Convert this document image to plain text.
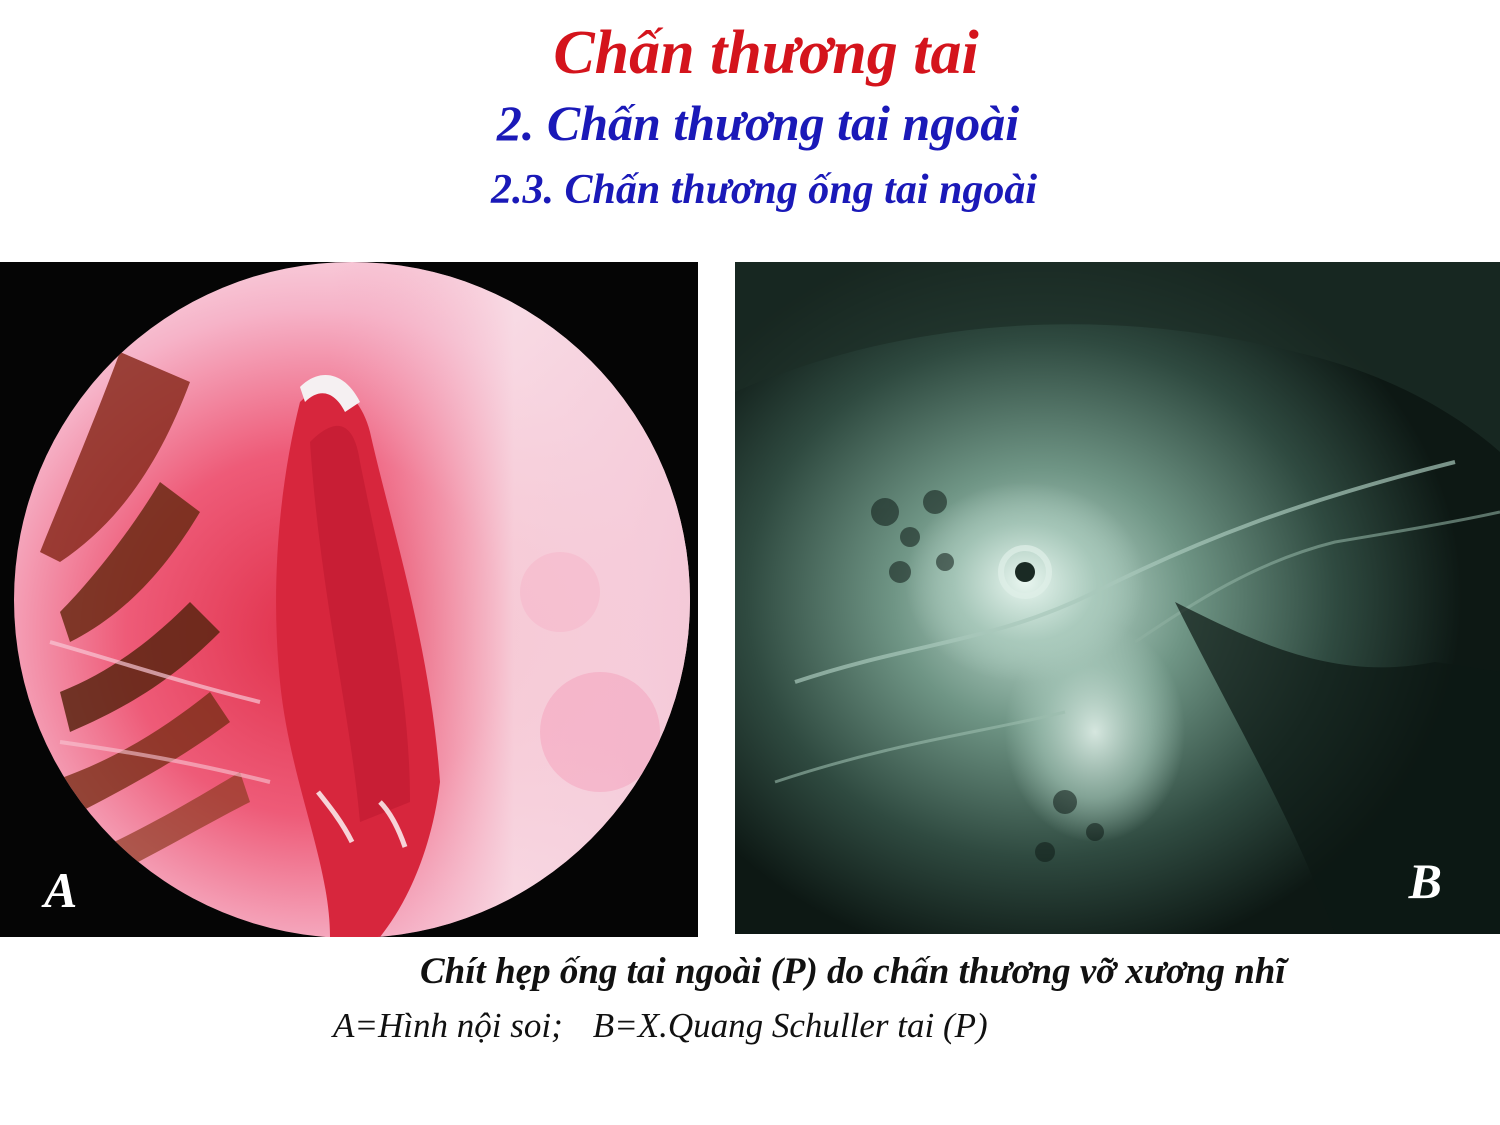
Chấn thương tai
2. Chấn thương tai ngoài
2.3. Chấn thương ống tai ngoài
A	B

Chít hẹp ống tai ngoài (P) do chấn thương vỡ xương nhĩ

A=Hình nội soi; B=X.Quang Schuller tai (P)
